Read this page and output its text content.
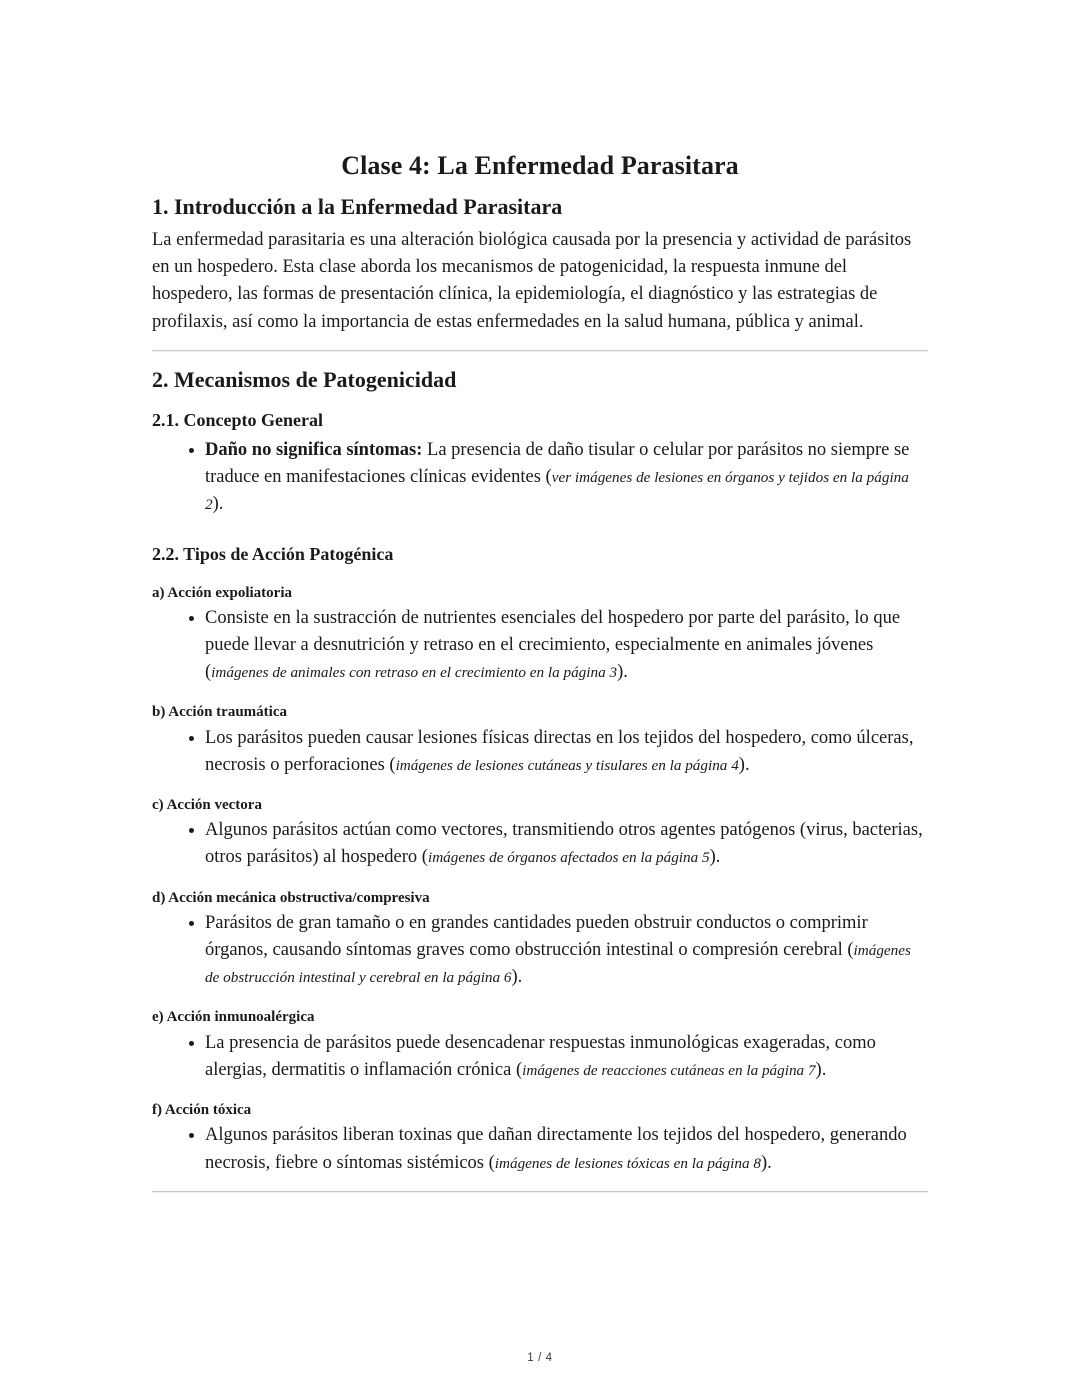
Clase 4: La Enfermedad Parasitara
1. Introducción a la Enfermedad Parasitara

La enfermedad parasitaria es una alteración biológica causada por la presencia y actividad de parásitos en un hospedero. Esta clase aborda los mecanismos de patogenicidad, la respuesta inmune del hospedero, las formas de presentación clínica, la epidemiología, el diagnóstico y las estrategias de profilaxis, así como la importancia de estas enfermedades en la salud humana, pública y animal.

2. Mecanismos de Patogenicidad
2.1. Concepto General
Daño no significa síntomas: La presencia de daño tisular o celular por parásitos no siempre se traduce en manifestaciones clínicas evidentes (ver imágenes de lesiones en órganos y tejidos en la página 2).
2.2. Tipos de Acción Patogénica
a) Acción expoliatoria
Consiste en la sustracción de nutrientes esenciales del hospedero por parte del parásito, lo que puede llevar a desnutrición y retraso en el crecimiento, especialmente en animales jóvenes (imágenes de animales con retraso en el crecimiento en la página 3).
b) Acción traumática
Los parásitos pueden causar lesiones físicas directas en los tejidos del hospedero, como úlceras, necrosis o perforaciones (imágenes de lesiones cutáneas y tisulares en la página 4).
c) Acción vectora
Algunos parásitos actúan como vectores, transmitiendo otros agentes patógenos (virus, bacterias, otros parásitos) al hospedero (imágenes de órganos afectados en la página 5).
d) Acción mecánica obstructiva/compresiva
Parásitos de gran tamaño o en grandes cantidades pueden obstruir conductos o comprimir órganos, causando síntomas graves como obstrucción intestinal o compresión cerebral (imágenes de obstrucción intestinal y cerebral en la página 6).
e) Acción inmunoalérgica
La presencia de parásitos puede desencadenar respuestas inmunológicas exageradas, como alergias, dermatitis o inflamación crónica (imágenes de reacciones cutáneas en la página 7).
f) Acción tóxica
Algunos parásitos liberan toxinas que dañan directamente los tejidos del hospedero, generando necrosis, fiebre o síntomas sistémicos (imágenes de lesiones tóxicas en la página 8).
1 / 4
